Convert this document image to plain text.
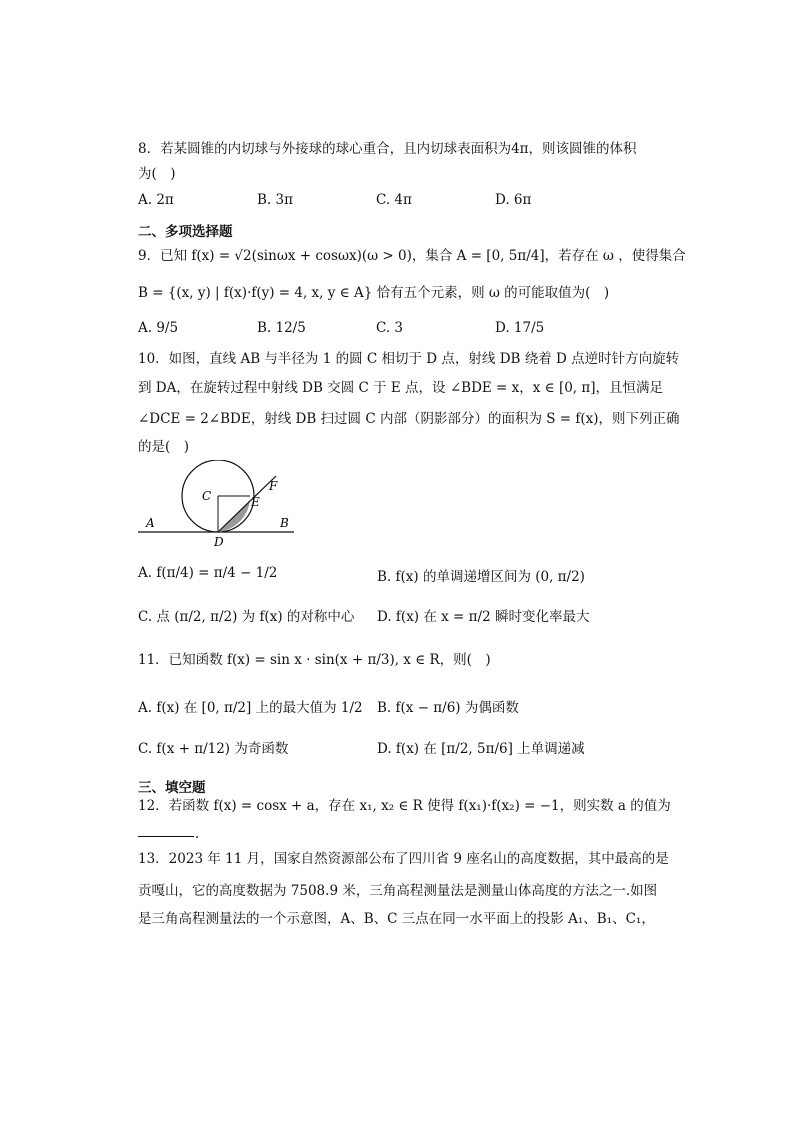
8．若某圆锥的内切球与外接球的球心重合，且内切球表面积为4π，则该圆锥的体积
为(　)
A. 2π	B. 3π	C. 4π	D. 6π
二、多项选择题
9．已知 f(x) = √2(sinωx + cosωx)(ω > 0)，集合 A = [0, 5π/4]，若存在 ω ，使得集合
B = {(x, y) | f(x)·f(y) = 4, x, y ∈ A} 恰有五个元素，则 ω 的可能取值为(　)
A. 9/5	B. 12/5	C. 3	D. 17/5
10．如图，直线 AB 与半径为 1 的圆 C 相切于 D 点，射线 DB 绕着 D 点逆时针方向旋转
到 DA，在旋转过程中射线 DB 交圆 C 于 E 点，设 ∠BDE = x，x ∈ [0, π]，且恒满足
∠DCE = 2∠BDE，射线 DB 扫过圆 C 内部（阴影部分）的面积为 S = f(x)，则下列正确
的是(　)
A	B
C
D
E
F
A. f(π/4) = π/4 − 1/2	B. f(x) 的单调递增区间为 (0, π/2)
C. 点 (π/2, π/2) 为 f(x) 的对称中心 D. f(x) 在 x = π/2 瞬时变化率最大
11．已知函数 f(x) = sin x · sin(x + π/3), x ∈ R，则(　)
A. f(x) 在 [0, π/2] 上的最大值为 1/2 B. f(x − π/6) 为偶函数
C. f(x + π/12) 为奇函数	D. f(x) 在 [π/2, 5π/6] 上单调递减
三、填空题
12．若函数 f(x) = cosx + a，存在 x₁, x₂ ∈ R 使得 f(x₁)·f(x₂) = −1，则实数 a 的值为
.
13．2023 年 11 月，国家自然资源部公布了四川省 9 座名山的高度数据，其中最高的是
贡嘎山，它的高度数据为 7508.9 米，三角高程测量法是测量山体高度的方法之一.如图
是三角高程测量法的一个示意图，A、B、C 三点在同一水平面上的投影 A₁、B₁、C₁，
